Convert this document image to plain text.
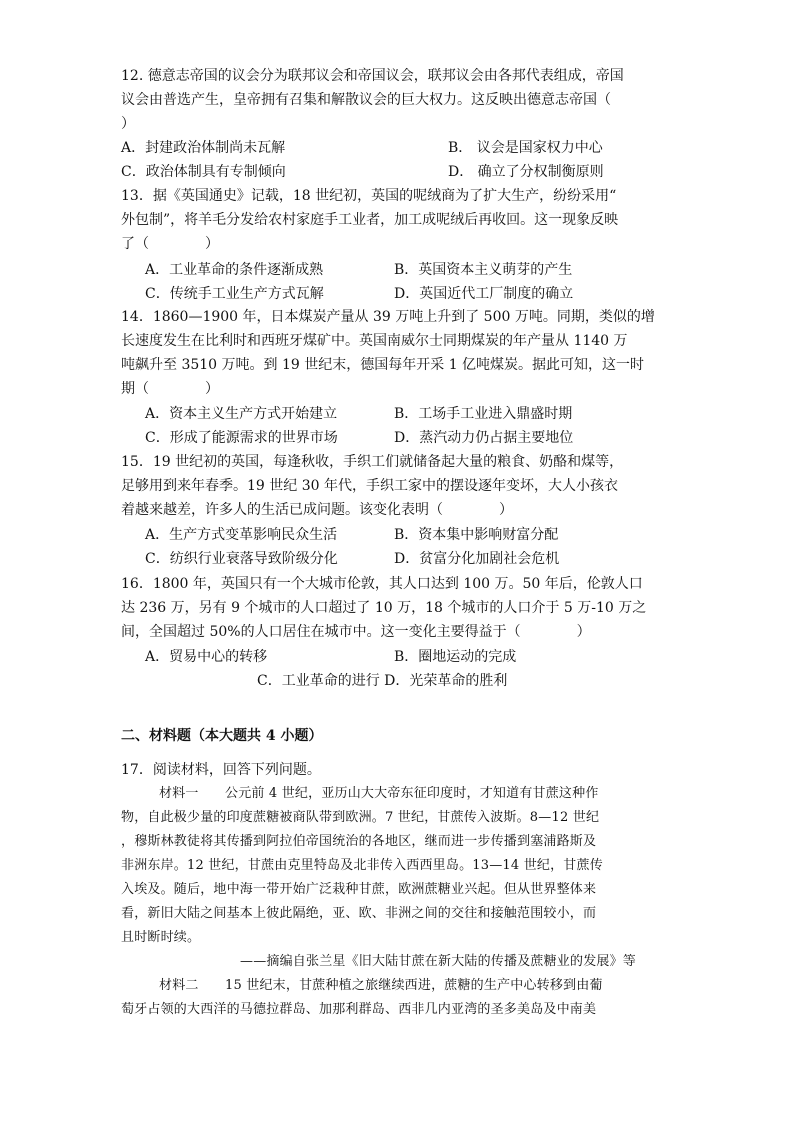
12. 德意志帝国的议会分为联邦议会和帝国议会，联邦议会由各邦代表组成，帝国
议会由普选产生，皇帝拥有召集和解散议会的巨大权力。这反映出德意志帝国（
）
A．封建政治体制尚未瓦解	B． 议会是国家权力中心
C．政治体制具有专制倾向	D． 确立了分权制衡原则
13．据《英国通史》记载，18 世纪初，英国的呢绒商为了扩大生产，纷纷采用“
外包制”，将羊毛分发给农村家庭手工业者，加工成呢绒后再收回。这一现象反映
了（　　　　）
A．工业革命的条件逐渐成熟	B．英国资本主义萌芽的产生
C．传统手工业生产方式瓦解	D．英国近代工厂制度的确立
14．1860—1900 年，日本煤炭产量从 39 万吨上升到了 500 万吨。同期，类似的增
长速度发生在比利时和西班牙煤矿中。英国南威尔士同期煤炭的年产量从 1140 万
吨飙升至 3510 万吨。到 19 世纪末，德国每年开采 1 亿吨煤炭。据此可知，这一时
期（　　　　）
A．资本主义生产方式开始建立	B．工场手工业进入鼎盛时期
C．形成了能源需求的世界市场	D．蒸汽动力仍占据主要地位
15．19 世纪初的英国，每逢秋收，手织工们就储备起大量的粮食、奶酪和煤等，
足够用到来年春季。19 世纪 30 年代，手织工家中的摆设逐年变坏，大人小孩衣
着越来越差，许多人的生活已成问题。该变化表明（　　　　）
A．生产方式变革影响民众生活	B．资本集中影响财富分配
C．纺织行业衰落导致阶级分化	D．贫富分化加剧社会危机
16．1800 年，英国只有一个大城市伦敦，其人口达到 100 万。50 年后，伦敦人口
达 236 万，另有 9 个城市的人口超过了 10 万，18 个城市的人口介于 5 万-10 万之
间，全国超过 50%的人口居住在城市中。这一变化主要得益于（　　　　）
A．贸易中心的转移	B．圈地运动的完成
C．工业革命的进行 D．光荣革命的胜利
二、材料题（本大题共 4 小题）
17．阅读材料，回答下列问题。
材料一　　公元前 4 世纪，亚历山大大帝东征印度时，才知道有甘蔗这种作
物，自此极少量的印度蔗糖被商队带到欧洲。7 世纪，甘蔗传入波斯。8—12 世纪
，穆斯林教徒将其传播到阿拉伯帝国统治的各地区，继而进一步传播到塞浦路斯及
非洲东岸。12 世纪，甘蔗由克里特岛及北非传入西西里岛。13—14 世纪，甘蔗传
入埃及。随后，地中海一带开始广泛栽种甘蔗，欧洲蔗糖业兴起。但从世界整体来
看，新旧大陆之间基本上彼此隔绝，亚、欧、非洲之间的交往和接触范围较小，而
且时断时续。
——摘编自张兰星《旧大陆甘蔗在新大陆的传播及蔗糖业的发展》等
材料二　　15 世纪末，甘蔗种植之旅继续西进，蔗糖的生产中心转移到由葡
萄牙占领的大西洋的马德拉群岛、加那利群岛、西非几内亚湾的圣多美岛及中南美
